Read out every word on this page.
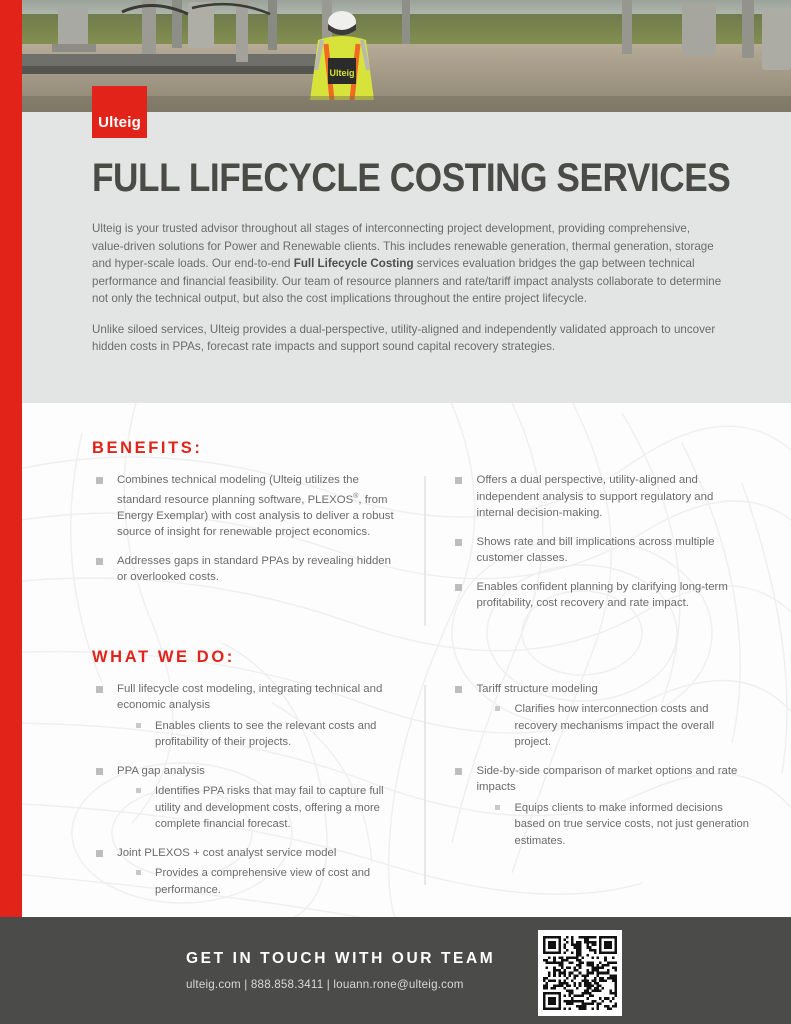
Ulteig
Ulteig
FULL LIFECYCLE COSTING SERVICES

Ulteig is your trusted advisor throughout all stages of interconnecting project development, providing comprehensive, value-driven solutions for Power and Renewable clients. This includes renewable generation, thermal generation, storage and hyper-scale loads. Our end-to-end Full Lifecycle Costing services evaluation bridges the gap between technical performance and financial feasibility. Our team of resource planners and rate/tariff impact analysts collaborate to determine not only the technical output, but also the cost implications throughout the entire project lifecycle.

Unlike siloed services, Ulteig provides a dual-perspective, utility-aligned and independently validated approach to uncover hidden costs in PPAs, forecast rate impacts and support sound capital recovery strategies.

BENEFITS:
Combines technical modeling (Ulteig utilizes the standard resource planning software, PLEXOS®, from Energy Exemplar) with cost analysis to deliver a robust source of insight for renewable project economics.
Addresses gaps in standard PPAs by revealing hidden or overlooked costs.
Offers a dual perspective, utility-aligned and independent analysis to support regulatory and internal decision-making.
Shows rate and bill implications across multiple customer classes.
Enables confident planning by clarifying long-term profitability, cost recovery and rate impact.
WHAT WE DO:
Full lifecycle cost modeling, integrating technical and economic analysis
Enables clients to see the relevant costs and profitability of their projects.
PPA gap analysis
Identifies PPA risks that may fail to capture full utility and development costs, offering a more complete financial forecast.
Joint PLEXOS + cost analyst service model
Provides a comprehensive view of cost and performance.
Tariff structure modeling
Clarifies how interconnection costs and recovery mechanisms impact the overall project.
Side-by-side comparison of market options and rate impacts
Equips clients to make informed decisions based on true service costs, not just generation estimates.
GET IN TOUCH WITH OUR TEAM
ulteig.com | 888.858.3411 | louann.rone@ulteig.com
